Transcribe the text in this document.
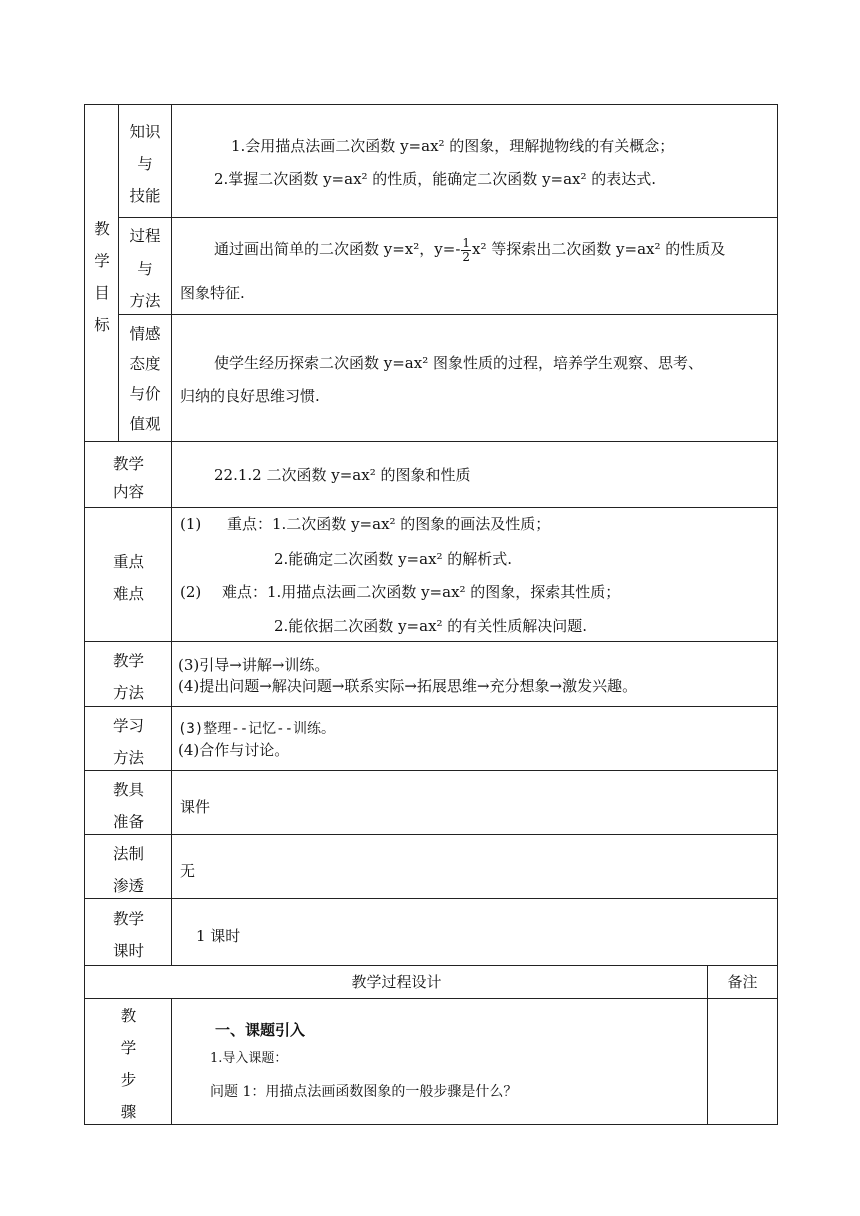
教
学
目
标
知识
与
技能
1.会用描点法画二次函数 y=ax² 的图象，理解抛物线的有关概念；
2.掌握二次函数 y=ax² 的性质，能确定二次函数 y=ax² 的表达式.
过程
与
方法
通过画出简单的二次函数 y=x²，$y=- \frac{1}{2} x^2$ 等探索出二次函数 y=ax² 的性质及
图象特征.
情感
态度
与价
值观
使学生经历探索二次函数 y=ax² 图象性质的过程，培养学生观察、思考、
归纳的良好思维习惯.
教学
内容
22.1.2 二次函数 y=ax² 的图象和性质
重点
难点
(1) 重点：1.二次函数 y=ax² 的图象的画法及性质；
2.能确定二次函数 y=ax² 的解析式.
(2) 难点：1.用描点法画二次函数 y=ax² 的图象，探索其性质；
2.能依据二次函数 y=ax² 的有关性质解决问题.
教学
方法
(3)引导→讲解→训练。
(4)提出问题→解决问题→联系实际→拓展思维→充分想象→激发兴趣。
学习
方法
(3)整理--记忆--训练。
(4)合作与讨论。
教具
准备
课件
法制
渗透
无
教学
课时
1 课时
教学过程设计	备注
教
学
步
骤
一、课题引入
1.导入课题：
问题 1：用描点法画函数图象的一般步骤是什么？
